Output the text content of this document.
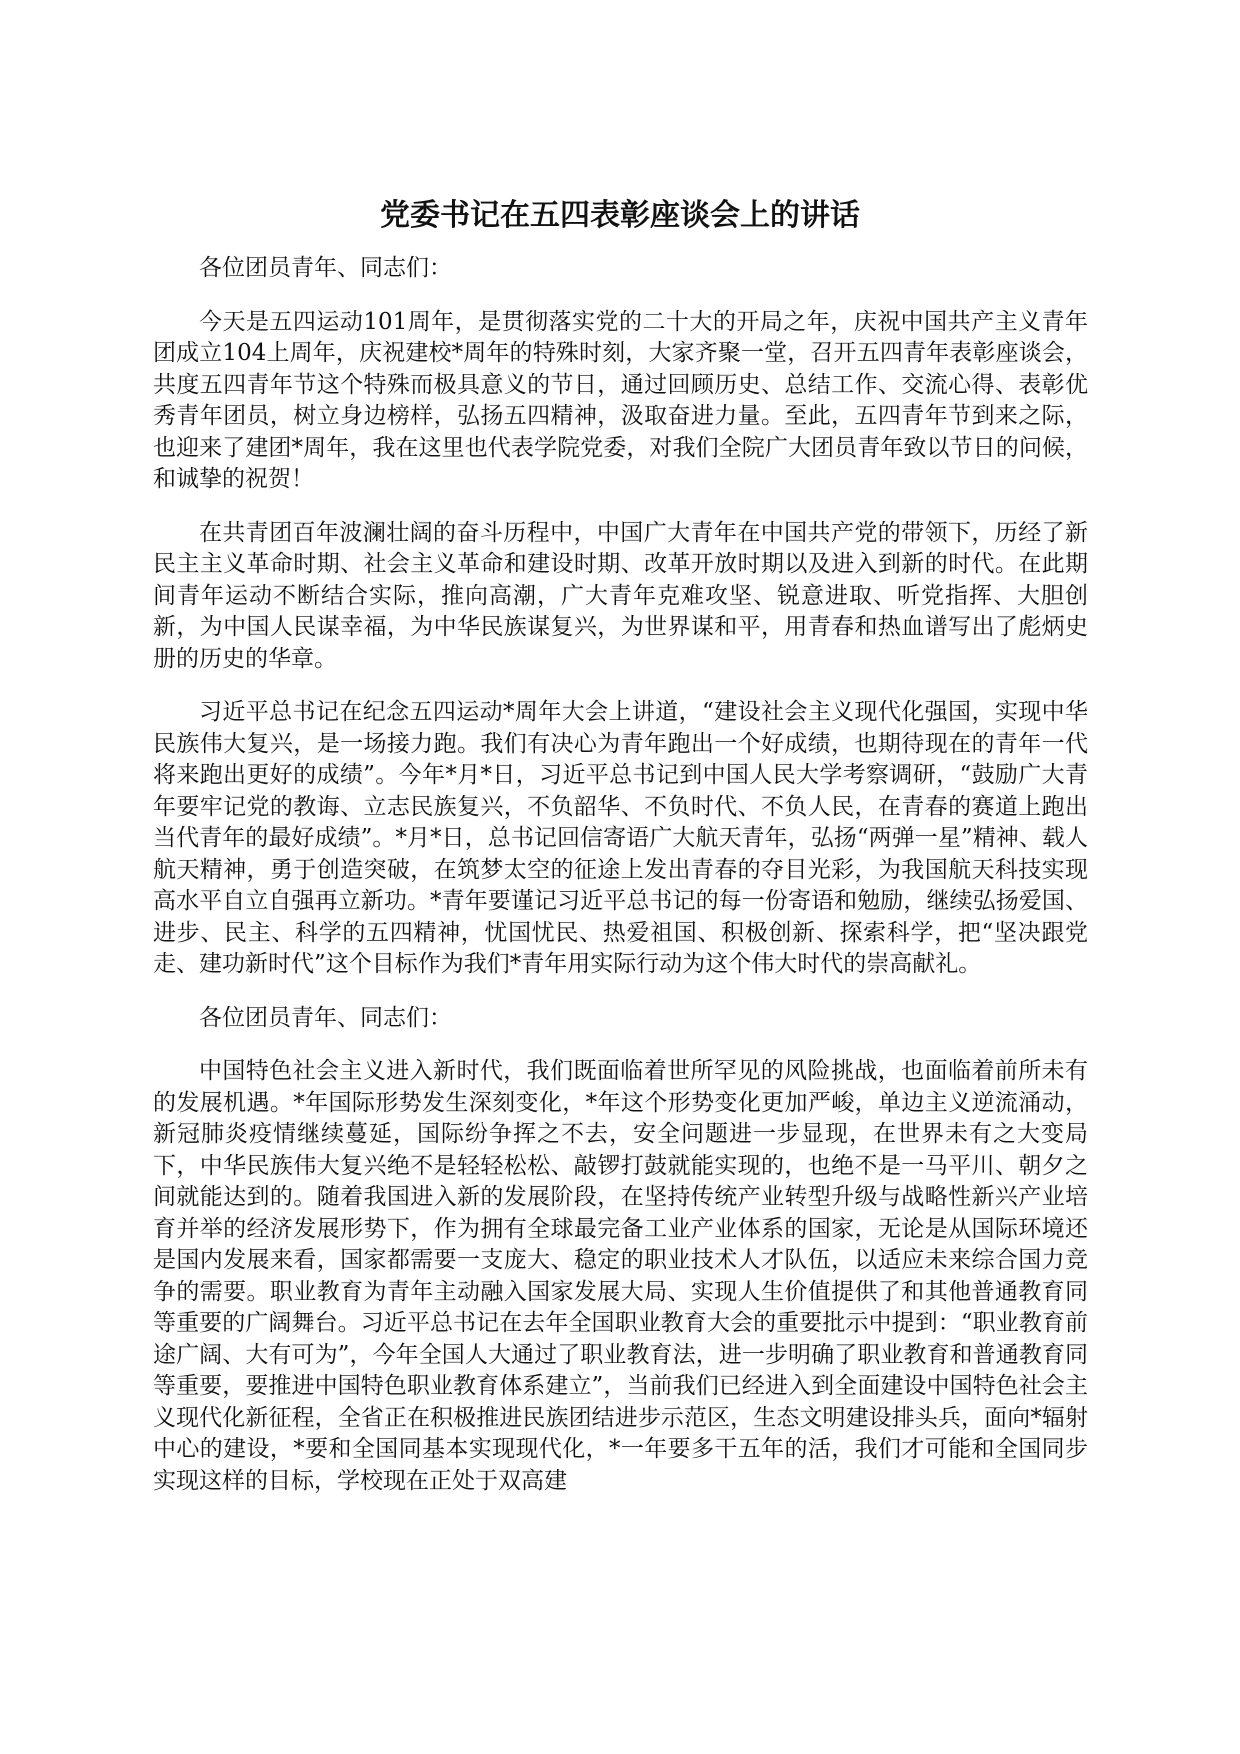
党委书记在五四表彰座谈会上的讲话

各位团员青年、同志们：

今天是五四运动101周年，是贯彻落实党的二十大的开局之年，庆祝中国共产主义青年团成立104上周年，庆祝建校*周年的特殊时刻，大家齐聚一堂，召开五四青年表彰座谈会，共度五四青年节这个特殊而极具意义的节日，通过回顾历史、总结工作、交流心得、表彰优秀青年团员，树立身边榜样，弘扬五四精神，汲取奋进力量。至此，五四青年节到来之际，也迎来了建团*周年，我在这里也代表学院党委，对我们全院广大团员青年致以节日的问候，和诚挚的祝贺！

在共青团百年波澜壮阔的奋斗历程中，中国广大青年在中国共产党的带领下，历经了新民主主义革命时期、社会主义革命和建设时期、改革开放时期以及进入到新的时代。在此期间青年运动不断结合实际，推向高潮，广大青年克难攻坚、锐意进取、听党指挥、大胆创新，为中国人民谋幸福，为中华民族谋复兴，为世界谋和平，用青春和热血谱写出了彪炳史册的历史的华章。

习近平总书记在纪念五四运动*周年大会上讲道，“建设社会主义现代化强国，实现中华民族伟大复兴，是一场接力跑。我们有决心为青年跑出一个好成绩，也期待现在的青年一代将来跑出更好的成绩”。今年*月*日，习近平总书记到中国人民大学考察调研，“鼓励广大青年要牢记党的教诲、立志民族复兴，不负韶华、不负时代、不负人民，在青春的赛道上跑出当代青年的最好成绩”。*月*日，总书记回信寄语广大航天青年，弘扬“两弹一星”精神、载人航天精神，勇于创造突破，在筑梦太空的征途上发出青春的夺目光彩，为我国航天科技实现高水平自立自强再立新功。*青年要谨记习近平总书记的每一份寄语和勉励，继续弘扬爱国、进步、民主、科学的五四精神，忧国忧民、热爱祖国、积极创新、探索科学，把“坚决跟党走、建功新时代”这个目标作为我们*青年用实际行动为这个伟大时代的崇高献礼。

各位团员青年、同志们：

中国特色社会主义进入新时代，我们既面临着世所罕见的风险挑战，也面临着前所未有的发展机遇。*年国际形势发生深刻变化，*年这个形势变化更加严峻，单边主义逆流涌动，新冠肺炎疫情继续蔓延，国际纷争挥之不去，安全问题进一步显现，在世界未有之大变局下，中华民族伟大复兴绝不是轻轻松松、敲锣打鼓就能实现的，也绝不是一马平川、朝夕之间就能达到的。随着我国进入新的发展阶段，在坚持传统产业转型升级与战略性新兴产业培育并举的经济发展形势下，作为拥有全球最完备工业产业体系的国家，无论是从国际环境还是国内发展来看，国家都需要一支庞大、稳定的职业技术人才队伍，以适应未来综合国力竞争的需要。职业教育为青年主动融入国家发展大局、实现人生价值提供了和其他普通教育同等重要的广阔舞台。习近平总书记在去年全国职业教育大会的重要批示中提到：“职业教育前途广阔、大有可为”，今年全国人大通过了职业教育法，进一步明确了职业教育和普通教育同等重要，要推进中国特色职业教育体系建立”，当前我们已经进入到全面建设中国特色社会主义现代化新征程，全省正在积极推进民族团结进步示范区，生态文明建设排头兵，面向*辐射中心的建设，*要和全国同基本实现现代化，*一年要多干五年的活，我们才可能和全国同步实现这样的目标，学校现在正处于双高建
